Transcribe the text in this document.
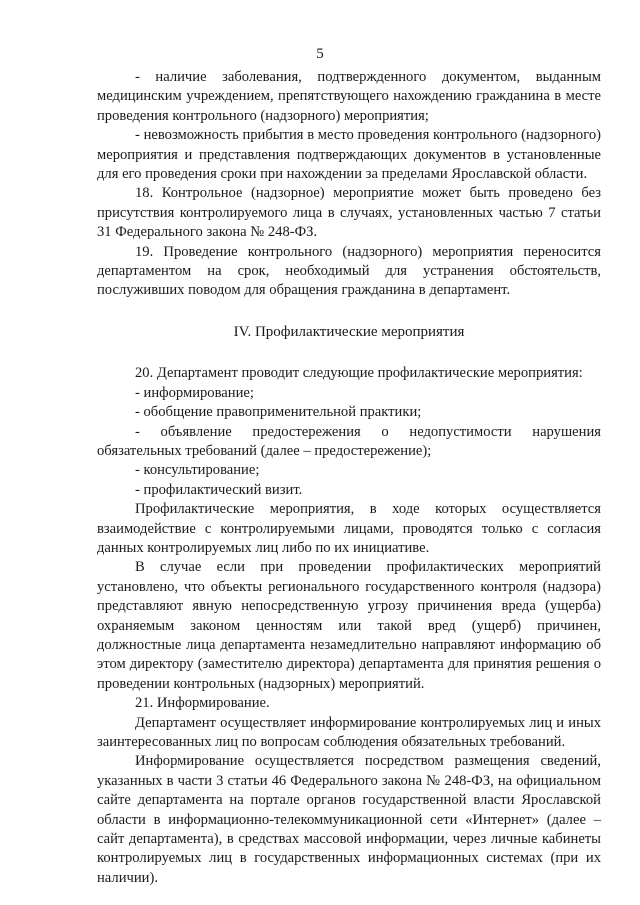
5

- наличие заболевания, подтвержденного документом, выданным медицинским учреждением, препятствующего нахождению гражданина в месте проведения контрольного (надзорного) мероприятия;

- невозможность прибытия в место проведения контрольного (надзорного) мероприятия и представления подтверждающих документов в установленные для его проведения сроки при нахождении за пределами Ярославской области.

18. Контрольное (надзорное) мероприятие может быть проведено без присутствия контролируемого лица в случаях, установленных частью 7 статьи 31 Федерального закона № 248-ФЗ.

19. Проведение контрольного (надзорного) мероприятия переносится департаментом на срок, необходимый для устранения обстоятельств, послуживших поводом для обращения гражданина в департамент.

IV. Профилактические мероприятия

20. Департамент проводит следующие профилактические мероприятия:

- информирование;

- обобщение правоприменительной практики;

- объявление предостережения о недопустимости нарушения обязательных требований (далее – предостережение);

- консультирование;

- профилактический визит.

Профилактические мероприятия, в ходе которых осуществляется взаимодействие с контролируемыми лицами, проводятся только с согласия данных контролируемых лиц либо по их инициативе.

В случае если при проведении профилактических мероприятий установлено, что объекты регионального государственного контроля (надзора) представляют явную непосредственную угрозу причинения вреда (ущерба) охраняемым законом ценностям или такой вред (ущерб) причинен, должностные лица департамента незамедлительно направляют информацию об этом директору (заместителю директора) департамента для принятия решения о проведении контрольных (надзорных) мероприятий.

21. Информирование.

Департамент осуществляет информирование контролируемых лиц и иных заинтересованных лиц по вопросам соблюдения обязательных требований.

Информирование осуществляется посредством размещения сведений, указанных в части 3 статьи 46 Федерального закона № 248-ФЗ, на официальном сайте департамента на портале органов государственной власти Ярославской области в информационно-телекоммуникационной сети «Интернет» (далее – сайт департамента), в средствах массовой информации, через личные кабинеты контролируемых лиц в государственных информационных системах (при их наличии).
